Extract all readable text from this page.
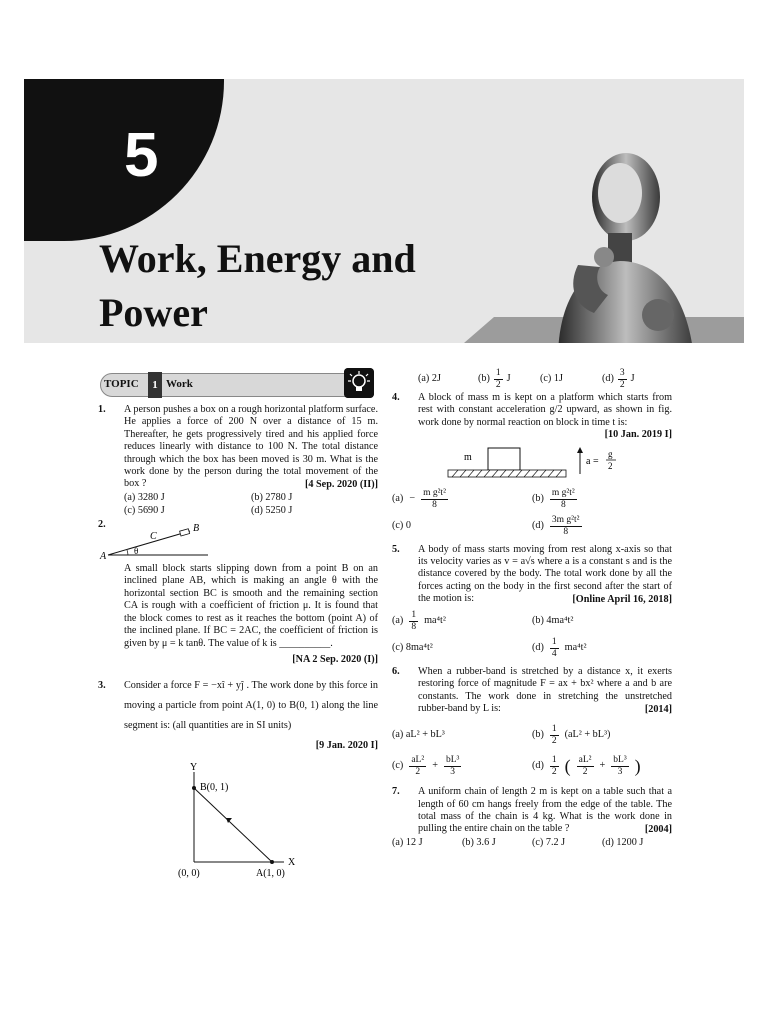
5
Work, Energy and
Power
TOPIC	1 Work
1. A person pushes a box on a rough horizontal platform surface. He applies a force of 200 N over a distance of 15 m. Thereafter, he gets progressively tired and his applied force reduces linearly with distance to 100 N. The total distance through which the box has been moved is 30 m. What is the work done by the person during the total movement of the box ?	[4 Sep. 2020 (II)]
(a) 3280 J	(b) 2780 J
(c) 5690 J	(d) 5250 J
2.
A
B
C
θ
A small block starts slipping down from a point B on an inclined plane AB, which is making an angle θ with the horizontal section BC is smooth and the remaining section CA is rough with a coefficient of friction μ. It is found that the block comes to rest as it reaches the bottom (point A) of the inclined plane. If BC = 2AC, the coefficient of friction is given by μ = k tanθ. The value of k is __________.
[NA 2 Sep. 2020 (I)]
3. Consider a force F = −xî + yĵ . The work done by this force in moving a particle from point A(1, 0) to B(0, 1) along the line segment is: (all quantities are in SI units)
[9 Jan. 2020 I]
Y
X
B(0, 1)
(0, 0)	A(1, 0)
(a) 2J	$(b) \frac{1}{2}$ J	(c) 1J	$(d) \frac{3}{2}$ J
4. A block of mass m is kept on a platform which starts from rest with constant acceleration g/2 upward, as shown in fig. work done by normal reaction on block in time t is:
[10 Jan. 2019 I]
m	a =
g
2
$(a) - \frac{\text{m g²t²}}{8}$	$(b) \frac{\text{m g²t²}}{8}$
(c) 0	$(d) \frac{\text{3m g²t²}}{8}$
5. A body of mass starts moving from rest along x-axis so that its velocity varies as v = a√s where a is a constant s and is the distance covered by the body. The total work done by all the forces acting on the body in the first second after the start of the motion is:	[Online April 16, 2018]
$(a) \frac{1}{8} ma^4t^2$	(b) 4ma⁴t²
(c) 8ma⁴t²	$(d) \frac{1}{4} ma^4t^2$
6. When a rubber-band is stretched by a distance x, it exerts restoring force of magnitude F = ax + bx² where a and b are constants. The work done in stretching the unstretched rubber-band by L is:	[2014]
(a) aL² + bL³	$(b) \frac{1}{2} (aL^2 + bL^3)$
$(c) \frac{\text{aL²}}{2} + \frac{\text{bL³}}{3}$	$(d) \frac{1}{2}$ ( $\frac{\text{aL²}}{2} + \frac{\text{bL³}}{3}$ )
7. A uniform chain of length 2 m is kept on a table such that a length of 60 cm hangs freely from the edge of the table. The total mass of the chain is 4 kg. What is the work done in pulling the entire chain on the table ?	[2004]
(a) 12 J	(b) 3.6 J	(c) 7.2 J	(d) 1200 J
